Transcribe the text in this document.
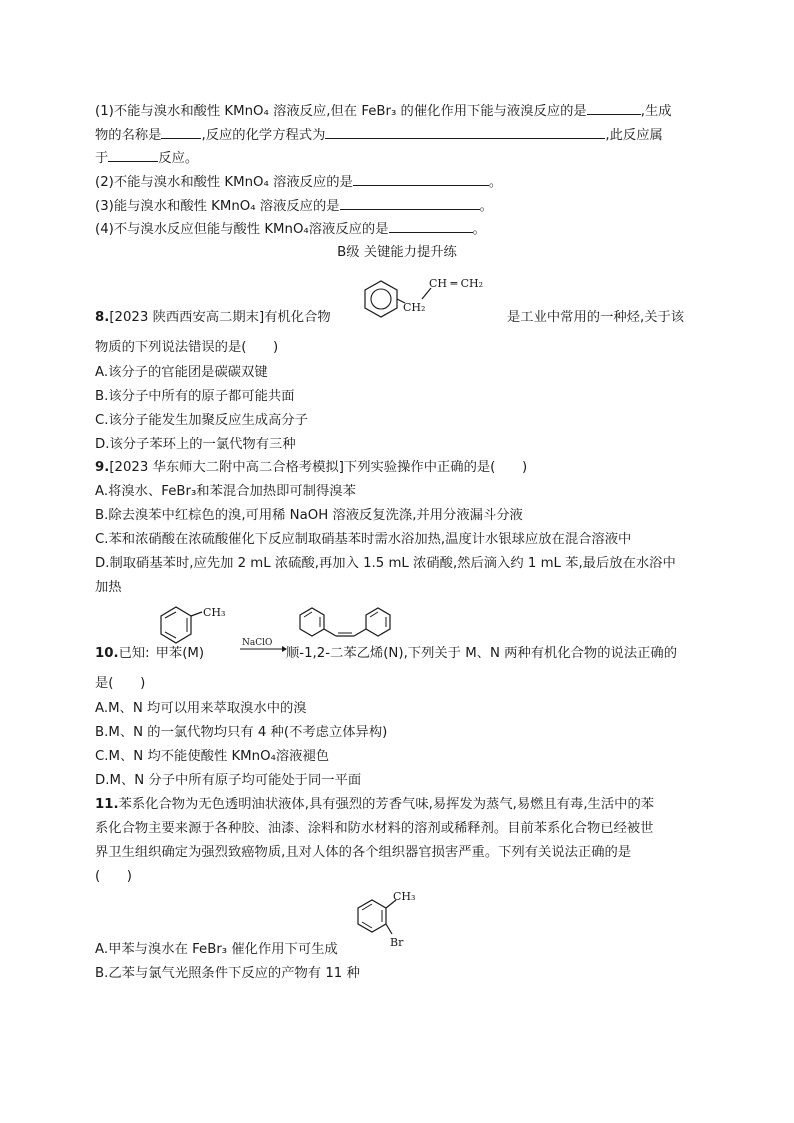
(1)不能与溴水和酸性 KMnO₄ 溶液反应,但在 FeBr₃ 的催化作用下能与液溴反应的是	,生成
物的名称是	,反应的化学方程式为	,此反应属
于	反应。
(2)不能与溴水和酸性 KMnO₄ 溶液反应的是	。
(3)能与溴水和酸性 KMnO₄ 溶液反应的是	。
(4)不与溴水反应但能与酸性 KMnO₄溶液反应的是	。
B级 关键能力提升练
8.[2023 陕西西安高二期末]有机化合物
CH₂
CH ═ CH₂
是工业中常用的一种烃,关于该
物质的下列说法错误的是(　　)
A.该分子的官能团是碳碳双键
B.该分子中所有的原子都可能共面
C.该分子能发生加聚反应生成高分子
D.该分子苯环上的一氯代物有三种
9.[2023 华东师大二附中高二合格考模拟]下列实验操作中正确的是(　　)
A.将溴水、FeBr₃和苯混合加热即可制得溴苯
B.除去溴苯中红棕色的溴,可用稀 NaOH 溶液反复洗涤,并用分液漏斗分液
C.苯和浓硝酸在浓硫酸催化下反应制取硝基苯时需水浴加热,温度计水银球应放在混合溶液中
D.制取硝基苯时,应先加 2 mL 浓硫酸,再加入 1.5 mL 浓硝酸,然后滴入约 1 mL 苯,最后放在水浴中
加热
CH₃
10.已知: 甲苯(M)
NaClO
顺-1,2-二苯乙烯(N),下列关于 M、N 两种有机化合物的说法正确的
是(　　)
A.M、N 均可以用来萃取溴水中的溴
B.M、N 的一氯代物均只有 4 种(不考虑立体异构)
C.M、N 均不能使酸性 KMnO₄溶液褪色
D.M、N 分子中所有原子均可能处于同一平面
11.苯系化合物为无色透明油状液体,具有强烈的芳香气味,易挥发为蒸气,易燃且有毒,生活中的苯
系化合物主要来源于各种胶、油漆、涂料和防水材料的溶剂或稀释剂。目前苯系化合物已经被世
界卫生组织确定为强烈致癌物质,且对人体的各个组织器官损害严重。下列有关说法正确的是
(　　)
CH₃
Br
A.甲苯与溴水在 FeBr₃ 催化作用下可生成
B.乙苯与氯气光照条件下反应的产物有 11 种
